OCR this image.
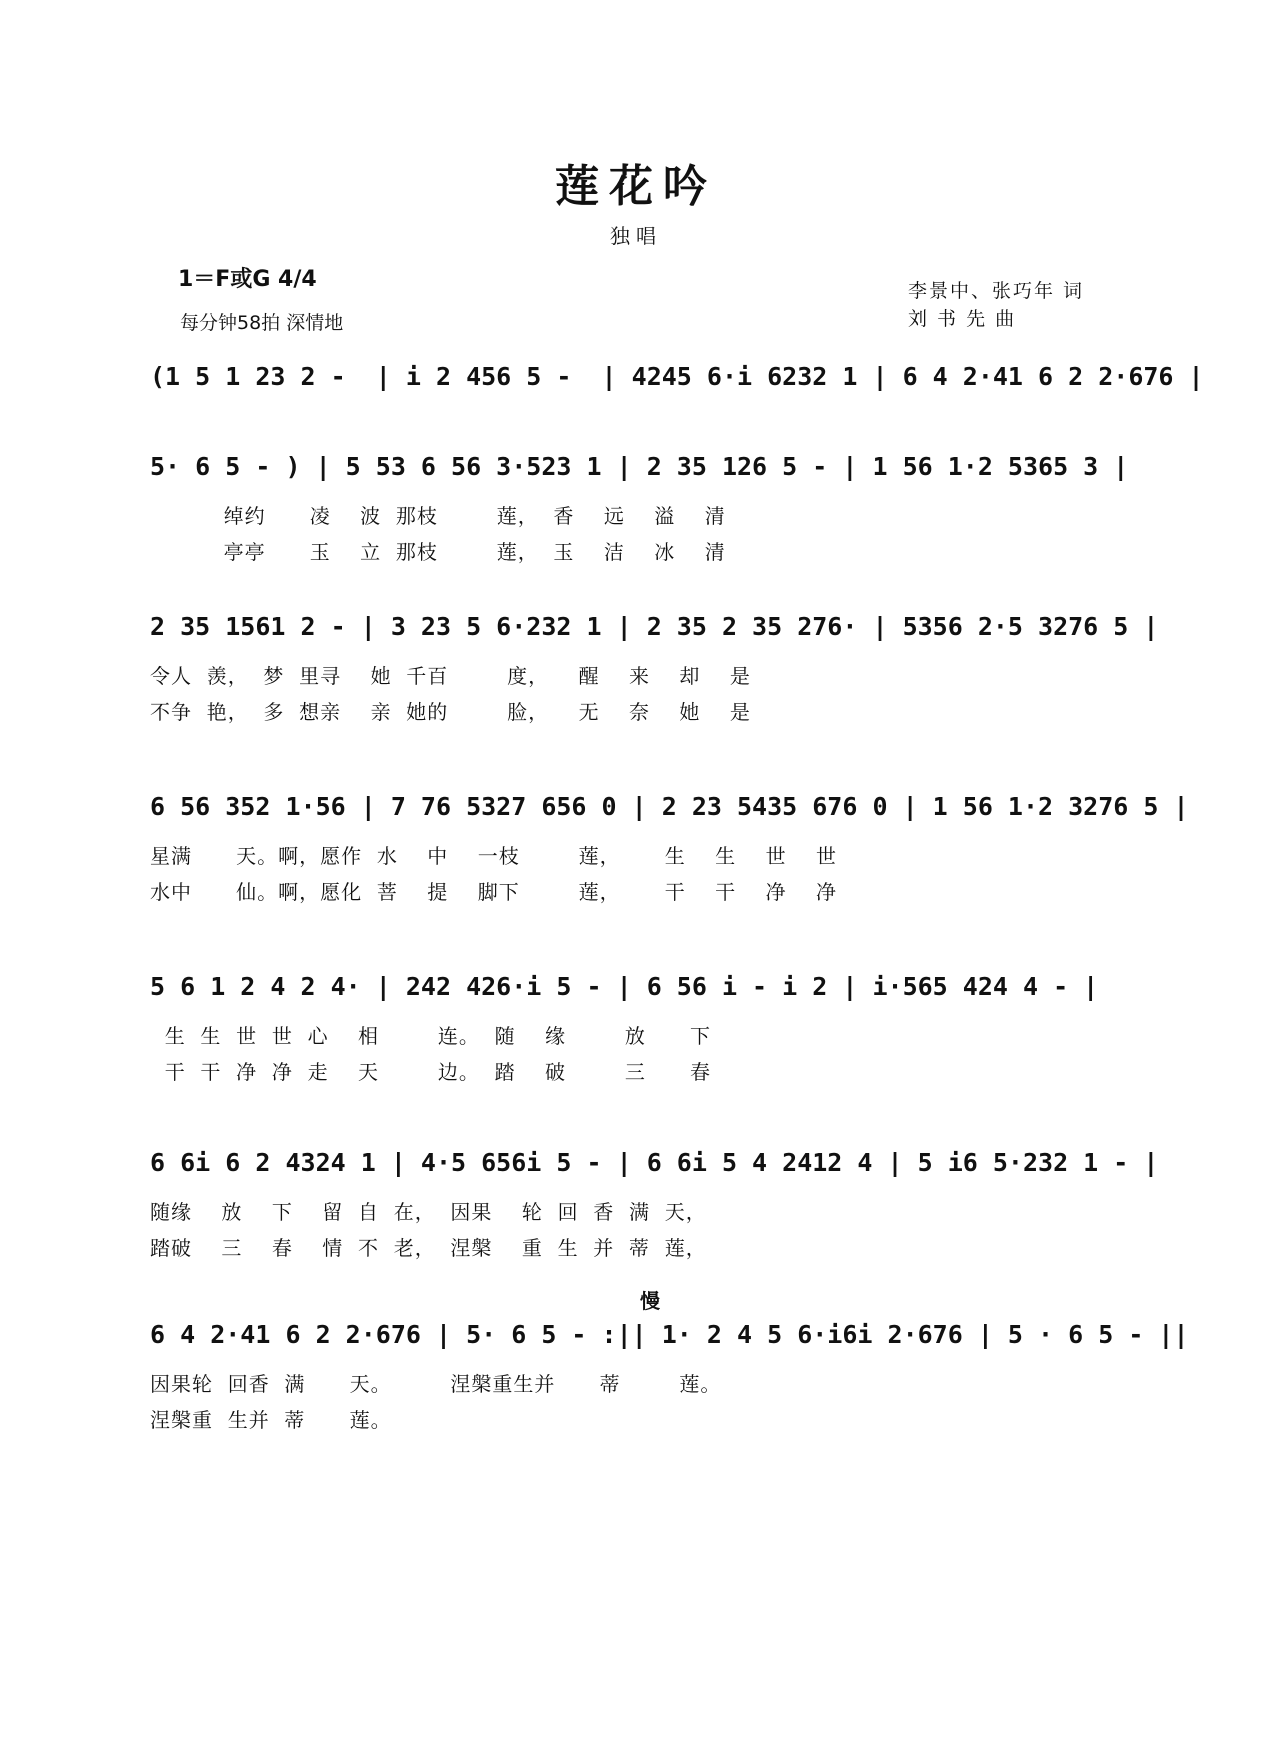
莲花吟
独唱
1＝F或G 4/4
每分钟58拍 深情地
李景中、张巧年 词
刘 书 先 曲
(1 5 1 23 2 -  | i 2 456 5 -  | 4245 6·i 6232 1 | 6 4 2·41 6 2 2·676 |
5· 6 5 - ) | 5 53 6 56 3·523 1 | 2 35 126 5 - | 1 56 1·2 5365 3 |
绰约      凌    波  那枝        莲，  香    远    溢    清
亭亭      玉    立  那枝        莲，  玉    洁    冰    清
2 35 1561 2 - | 3 23 5 6·232 1 | 2 35 2 35 276· | 5356 2·5 3276 5 |
令人  羡，  梦  里寻    她  千百        度，    醒    来    却    是
不争  艳，  多  想亲    亲  她的        脸，    无    奈    她    是
6 56 352 1·56 | 7 76 5327 656 0 | 2 23 5435 676 0 | 1 56 1·2 3276 5 |
星满      天。啊，愿作  水    中    一枝        莲，      生    生    世    世
水中      仙。啊，愿化  菩    提    脚下        莲，      干    干    净    净
5 6 1 2 4 2 4· | 242 426·i 5 - | 6 56 i - i 2 | i·565 424 4 - |
生  生  世  世  心    相        连。  随    缘        放      下
干  干  净  净  走    天        边。  踏    破        三      春
6 6i 6 2 4324 1 | 4·5 656i 5 - | 6 6i 5 4 2412 4 | 5 i6 5·232 1 - |
随缘    放    下    留  自  在，  因果    轮  回  香  满  天，
踏破    三    春    情  不  老，  涅槃    重  生  并  蒂  莲，
慢
6 4 2·41 6 2 2·676 | 5· 6 5 - :|| 1· 2 4 5 6·i6i 2·676 | 5 · 6 5 - ||
因果轮  回香  满      天。        涅槃重生并      蒂        莲。
涅槃重  生并  蒂      莲。
